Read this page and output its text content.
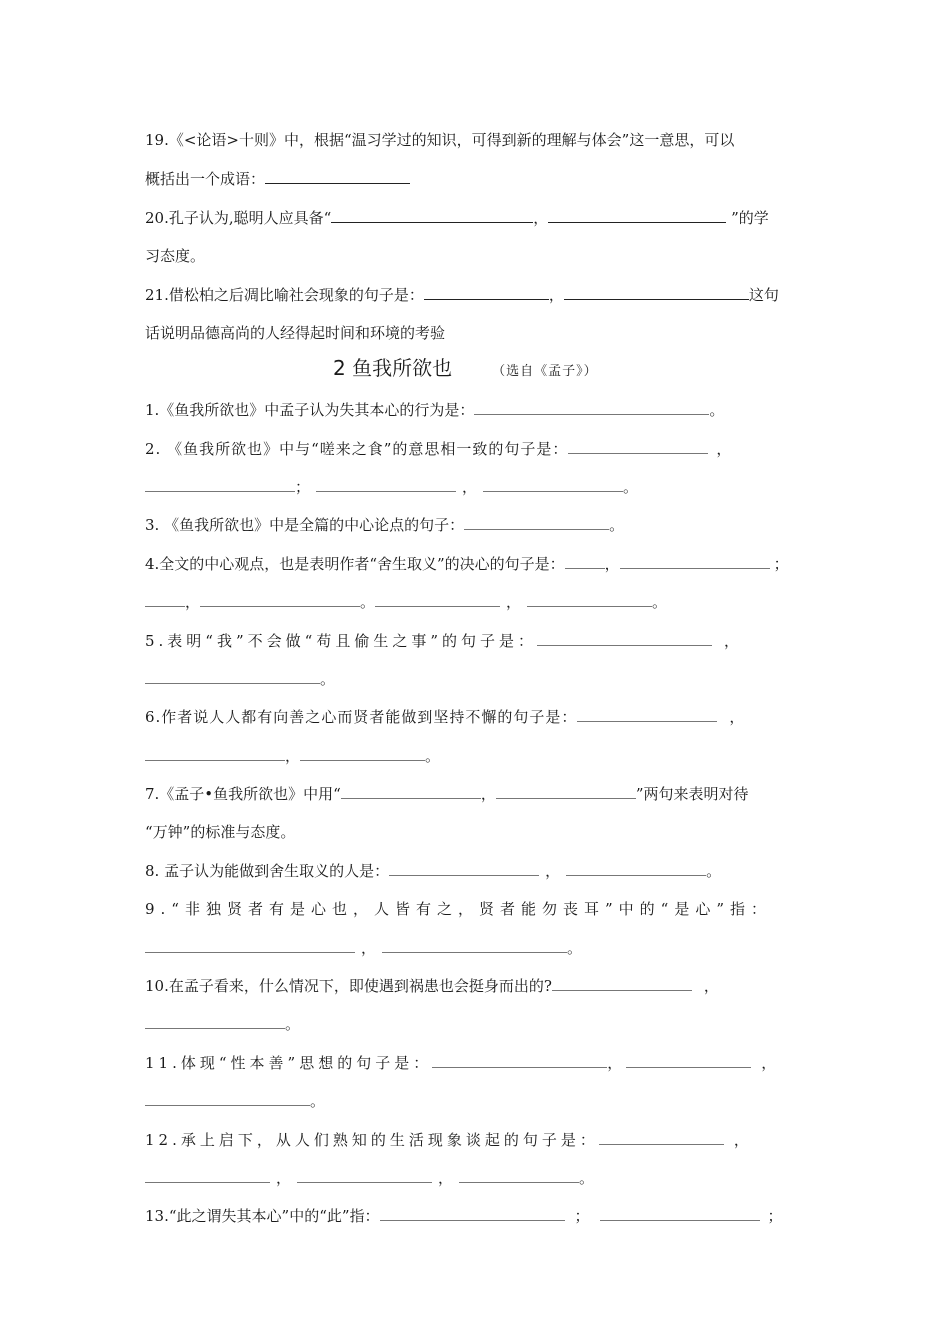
19.《<论语>十则》中，根据“温习学过的知识，可得到新的理解与体会”这一意思，可以
概括出一个成语：
20.孔子认为,聪明人应具备“	，	”的学
习态度。
21.借松柏之后凋比喻社会现象的句子是：	，	这句
话说明品德高尚的人经得起时间和环境的考验
2 鱼我所欲也	（选自《孟子》）
1.《鱼我所欲也》中孟子认为失其本心的行为是：	。
2. 《鱼我所欲也》中与“嗟来之食”的意思相一致的句子是：	，
；	，	。
3. 《鱼我所欲也》中是全篇的中心论点的句子：	。
4.全文的中心观点，也是表明作者“舍生取义”的决心的句子是：	，	；
，	。	，	。
5.表明“我”不会做“苟且偷生之事”的句子是：	，
。
6.作者说人人都有向善之心而贤者能做到坚持不懈的句子是：	，
，	。
7.《孟子•鱼我所欲也》中用“	，	”两句来表明对待
“万钟”的标准与态度。
8. 孟子认为能做到舍生取义的人是：	，	。
9.“非独贤者有是心也，人皆有之，贤者能勿丧耳”中的“是心”指：
，	。
10.在孟子看来，什么情况下，即使遇到祸患也会挺身而出的?	，
。
11.体现“性本善”思想的句子是：	，	，
。
12.承上启下，从人们熟知的生活现象谈起的句子是：	，
，	，	。
13.“此之谓失其本心”中的“此”指：	；	；
